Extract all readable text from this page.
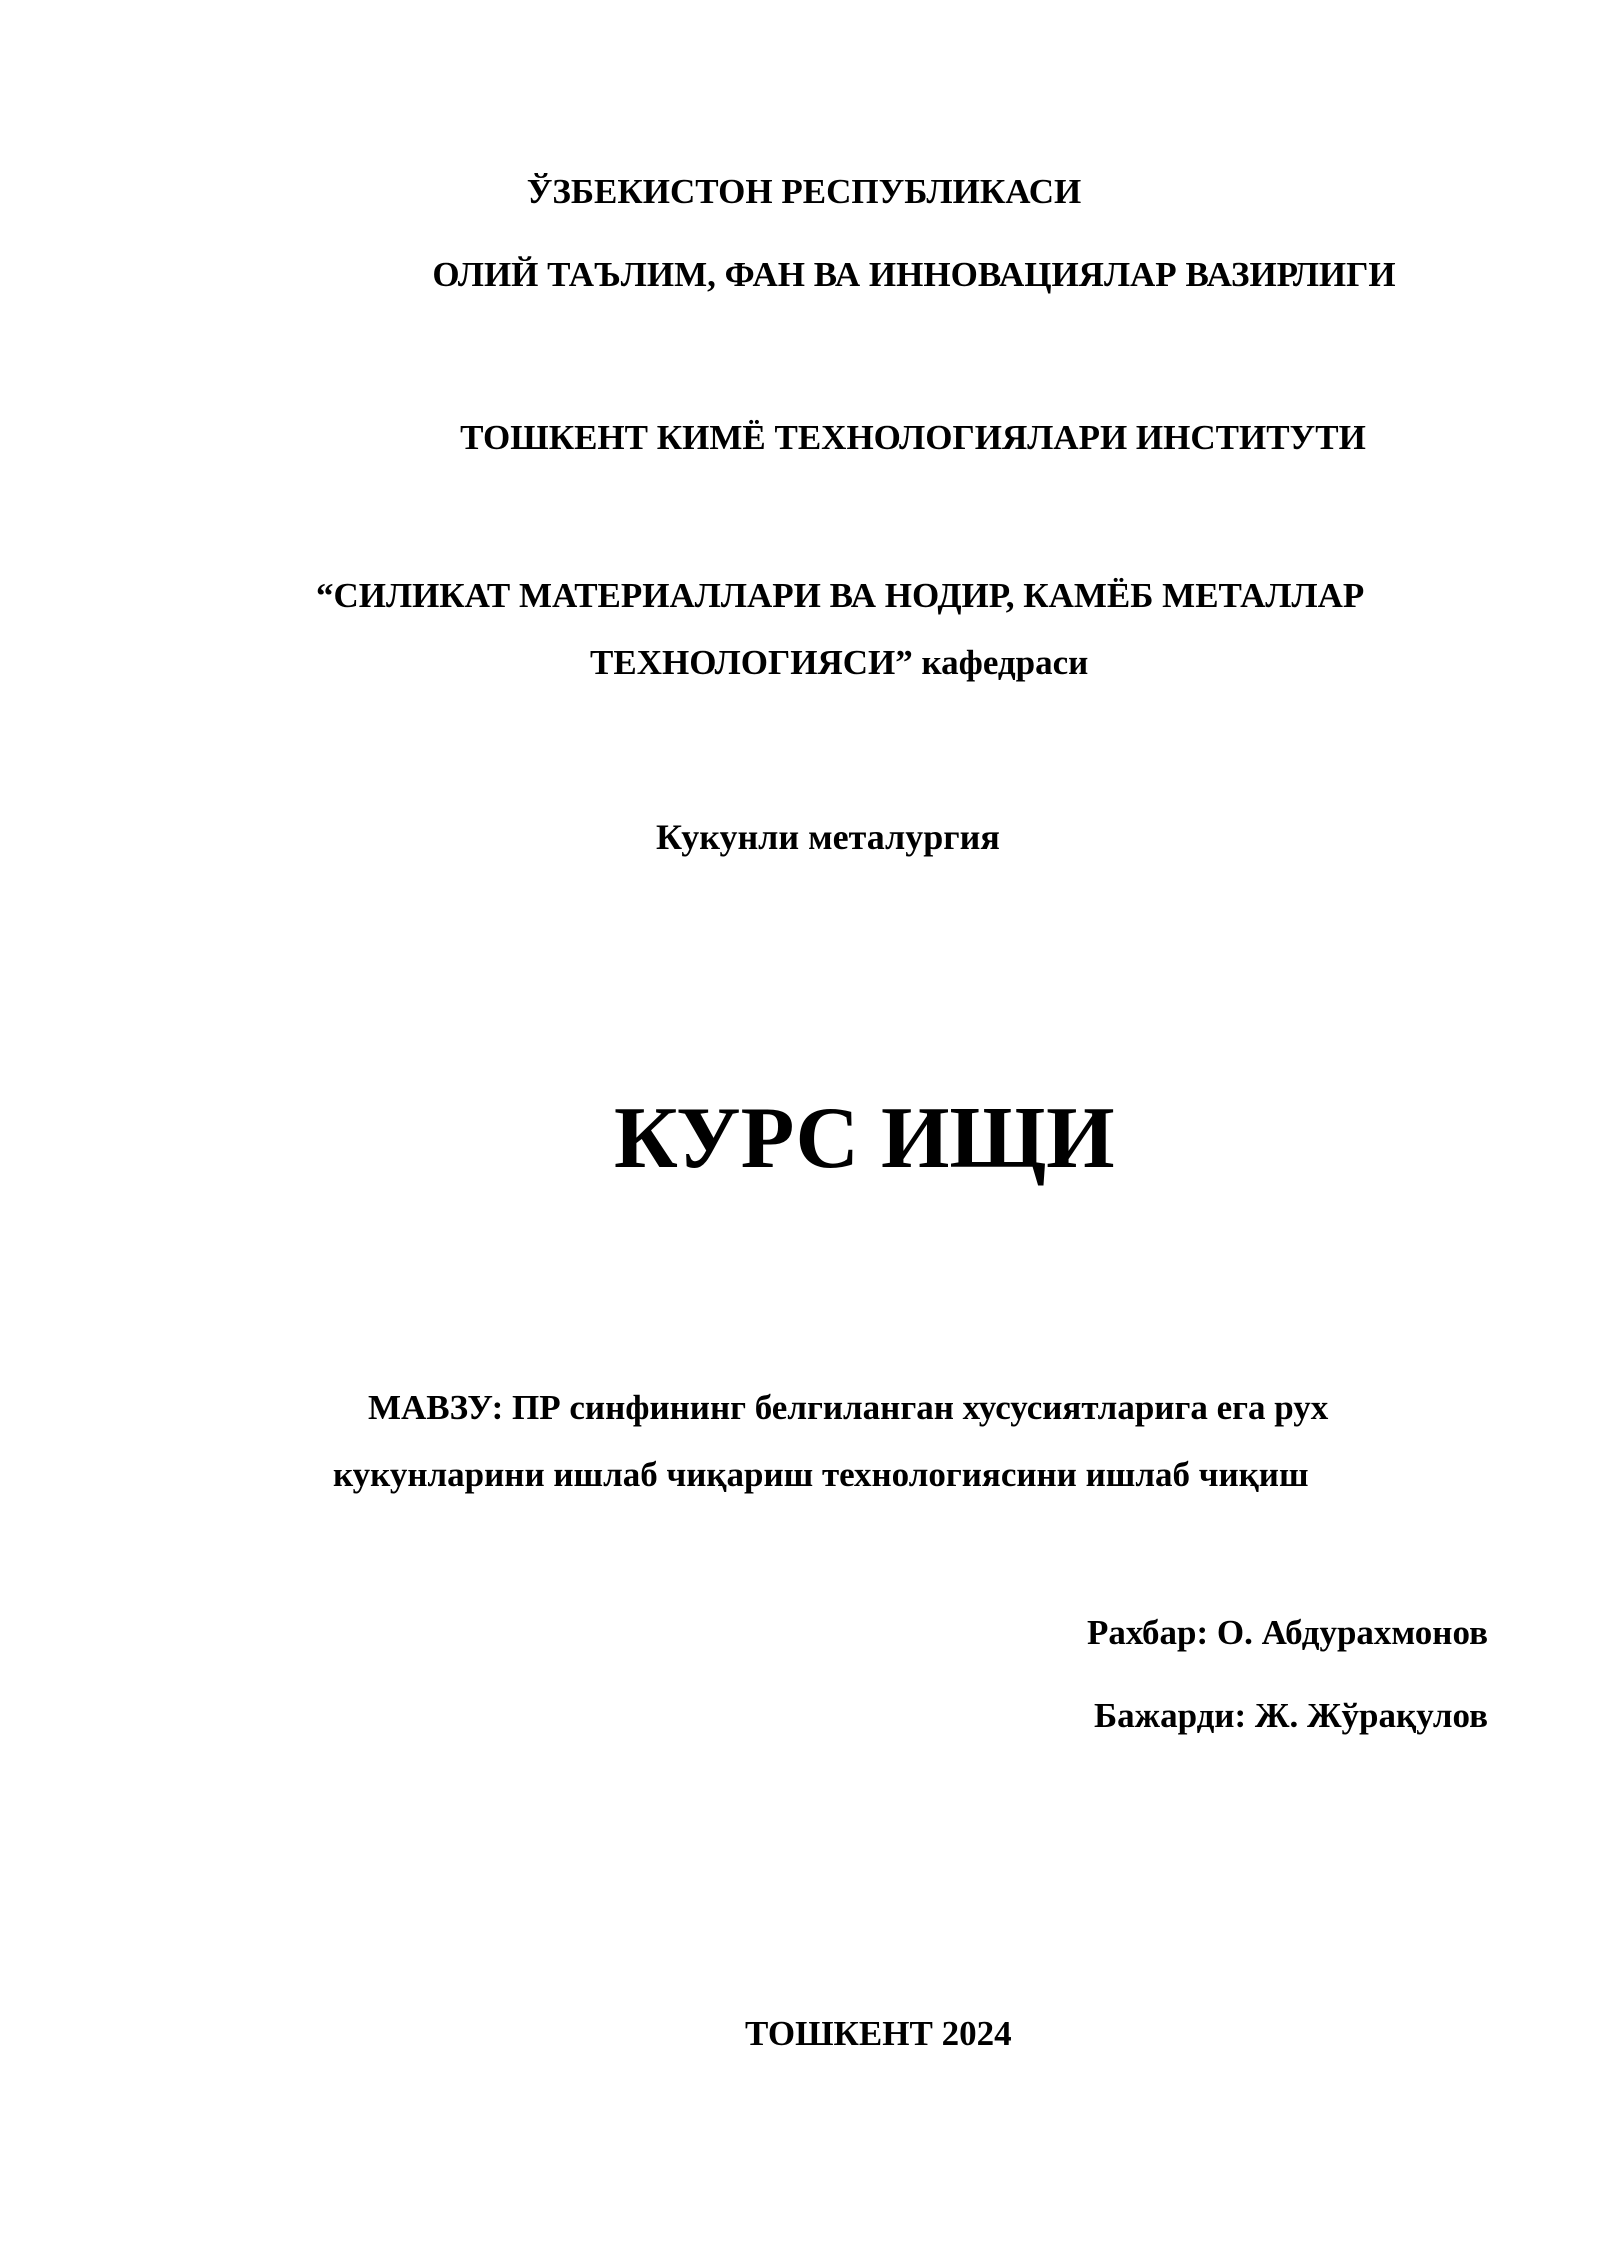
ЎЗБЕКИСТОН РЕСПУБЛИКАСИ
ОЛИЙ ТАЪЛИМ, ФАН ВА ИННОВАЦИЯЛАР ВАЗИРЛИГИ
ТОШКЕНТ КИМЁ ТЕХНОЛОГИЯЛАРИ ИНСТИТУТИ
“СИЛИКАТ МАТЕРИАЛЛАРИ ВА НОДИР, КАМЁБ МЕТАЛЛАР
ТЕХНОЛОГИЯСИ” кафедраси
Кукунли металургия
КУРС ИЩИ
МАВЗУ: ПР синфининг белгиланган хусусиятларига ега рух
кукунларини ишлаб чиқариш технологиясини ишлаб чиқиш
Рахбар: О. Абдурахмонов
Бажарди: Ж. Жўрақулов
ТОШКЕНТ 2024
